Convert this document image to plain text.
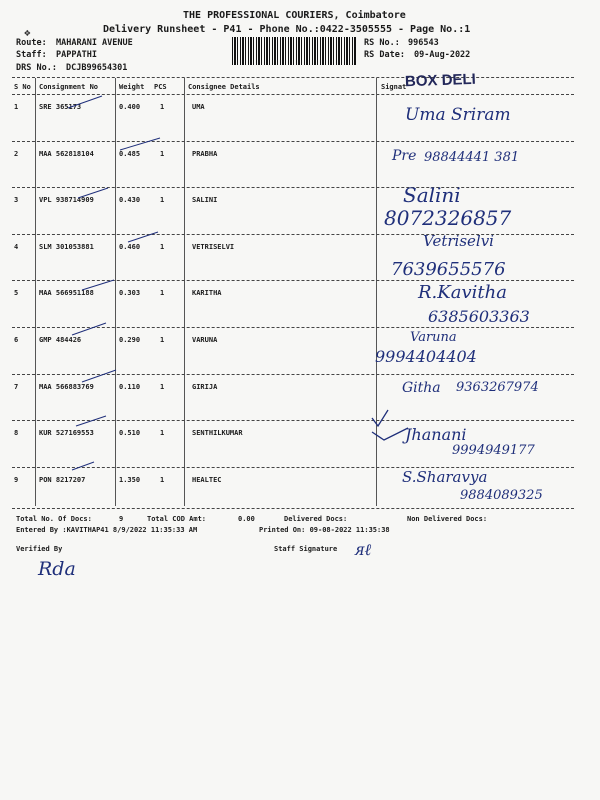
THE PROFESSIONAL COURIERS, Coimbatore
Delivery Runsheet - P41 - Phone No.:0422-3505555 - Page No.:1
❖
Route: MAHARANI AVENUE
Staff: PAPPATHI
DRS No.: DCJB99654301
RS No.: 996543
RS Date: 09-Aug-2022
S No Consignment No	Weight PCS	Consignee Details	Signat
BOX DELI
1	SRE 365173	0.400	1	UMA	Uma Sriram
2	MAA 562818104	0.485	1	PRABHA	Pre 98844441 381
3	VPL 938714909	0.430	1	SALINI	Salini
8072326857
4	SLM 301053881	0.460	1	VETRISELVI	Vetriselvi
7639655576
5	MAA 566951188	0.303	1	KARITHA	R.Kavitha
6385603363
6	GMP 484426	0.290	1	VARUNA	Varuna
9994404404
7	MAA 566883769	0.110	1	GIRIJA	Githa 9363267974
8	KUR 527169553	0.510	1	SENTHILKUMAR	Jhanani
9994949177
9	PON 8217207	1.350	1	HEALTEC	S.Sharavya
9884089325
Total No. Of Docs:	9	Total COD Amt:	0.00	Delivered Docs:	Non Delivered Docs:
Entered By :KAVITHAP41 8/9/2022 11:35:33 AM	Printed On: 09-08-2022 11:35:38
Verified By
Rda
Staff Signature ᴙℓ
